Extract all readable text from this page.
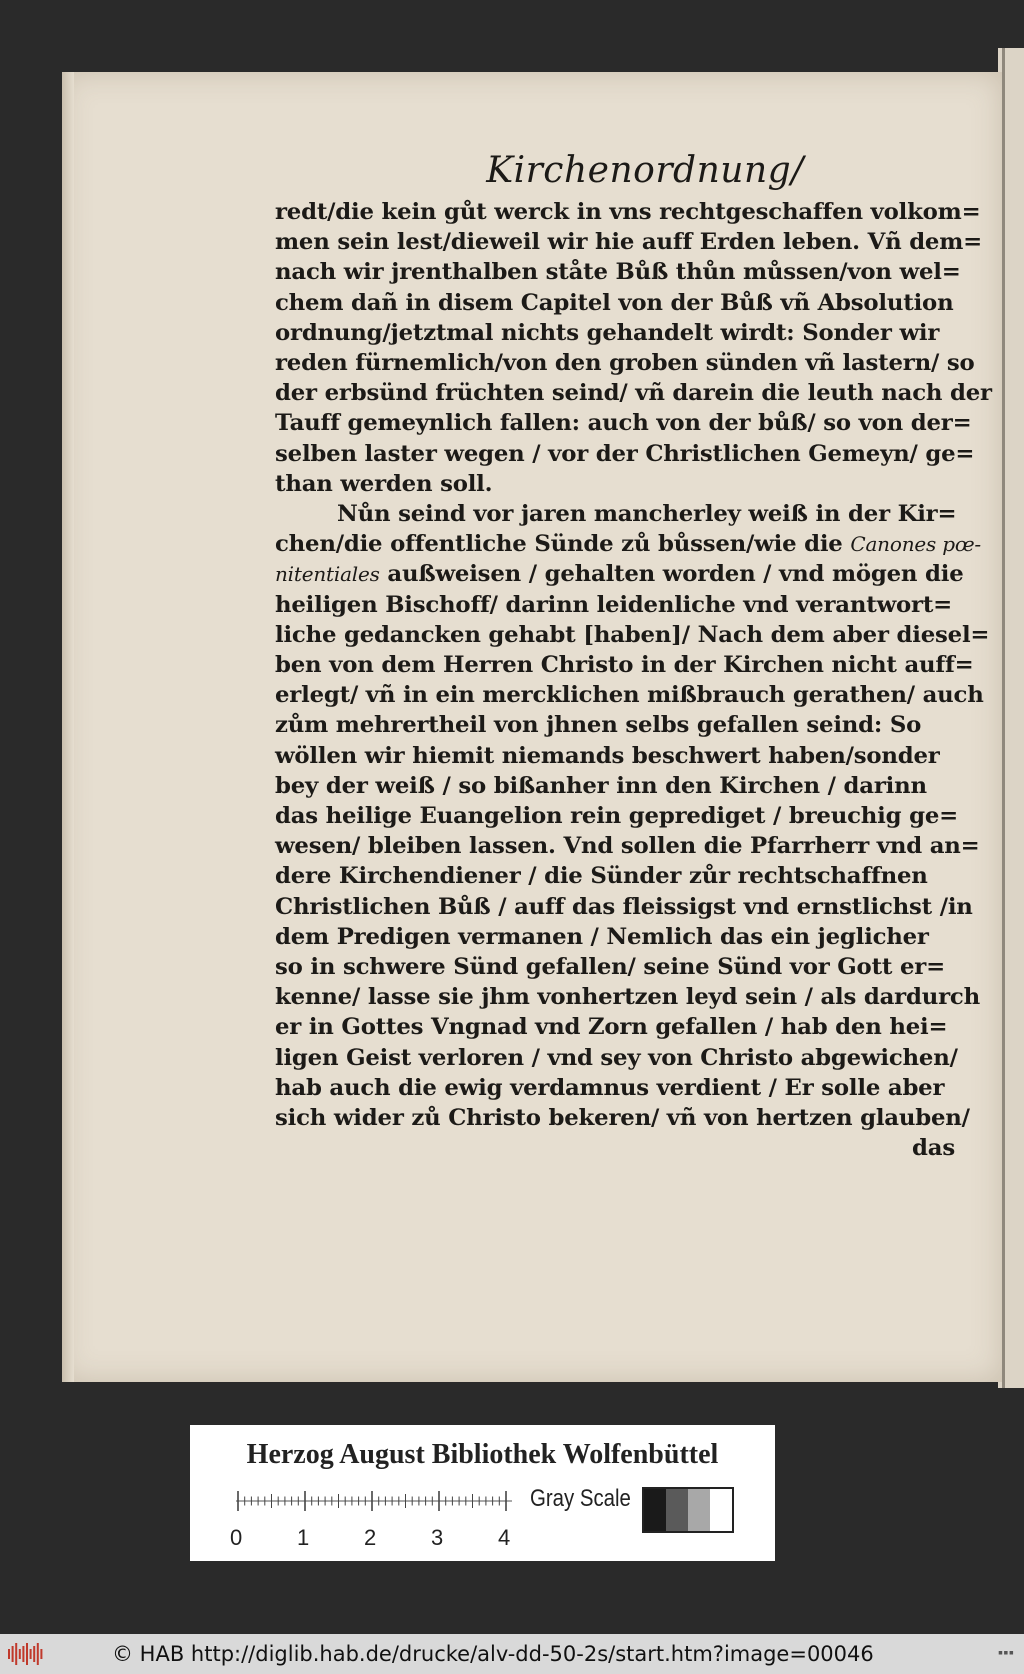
Kirchenordnung/
redt/die kein gůt werck in vns rechtgeschaffen volkom=
men sein lest/dieweil wir hie auff Erden leben. Vñ dem=
nach wir jrenthalben ståte Bůß thůn můssen/von wel=
chem dañ in disem Capitel von der Bůß vñ Absolution
ordnung/jetztmal nichts gehandelt wirdt: Sonder wir
reden fürnemlich/von den groben sünden vñ lastern/ so
der erbsünd früchten seind/ vñ darein die leuth nach der
Tauff gemeynlich fallen: auch von der bůß/ so von der=
selben laster wegen / vor der Christlichen Gemeyn/ ge=
than werden soll.
Nůn seind vor jaren mancherley weiß in der Kir=
chen/die offentliche Sünde zů bůssen/wie die Canones pœ-
nitentiales außweisen / gehalten worden / vnd mögen die
heiligen Bischoff/ darinn leidenliche vnd verantwort=
liche gedancken gehabt [haben]/ Nach dem aber diesel=
ben von dem Herren Christo in der Kirchen nicht auff=
erlegt/ vñ in ein mercklichen mißbrauch gerathen/ auch
zům mehrertheil von jhnen selbs gefallen seind: So
wöllen wir hiemit niemands beschwert haben/sonder
bey der weiß / so bißanher inn den Kirchen / darinn
das heilige Euangelion rein geprediget / breuchig ge=
wesen/ bleiben lassen. Vnd sollen die Pfarrherr vnd an=
dere Kirchendiener / die Sünder zůr rechtschaffnen
Christlichen Bůß / auff das fleissigst vnd ernstlichst /in
dem Predigen vermanen / Nemlich das ein jeglicher
so in schwere Sünd gefallen/ seine Sünd vor Gott er=
kenne/ lasse sie jhm vonhertzen leyd sein / als dardurch
er in Gottes Vngnad vnd Zorn gefallen / hab den hei=
ligen Geist verloren / vnd sey von Christo abgewichen/
hab auch die ewig verdamnus verdient / Er solle aber
sich wider zů Christo bekeren/ vñ von hertzen glauben/
das
Herzog August Bibliothek Wolfenbüttel
0 1 2 3 4
Gray Scale
© HAB http://diglib.hab.de/drucke/alv-dd-50-2s/start.htm?image=00046	▪▪▪
